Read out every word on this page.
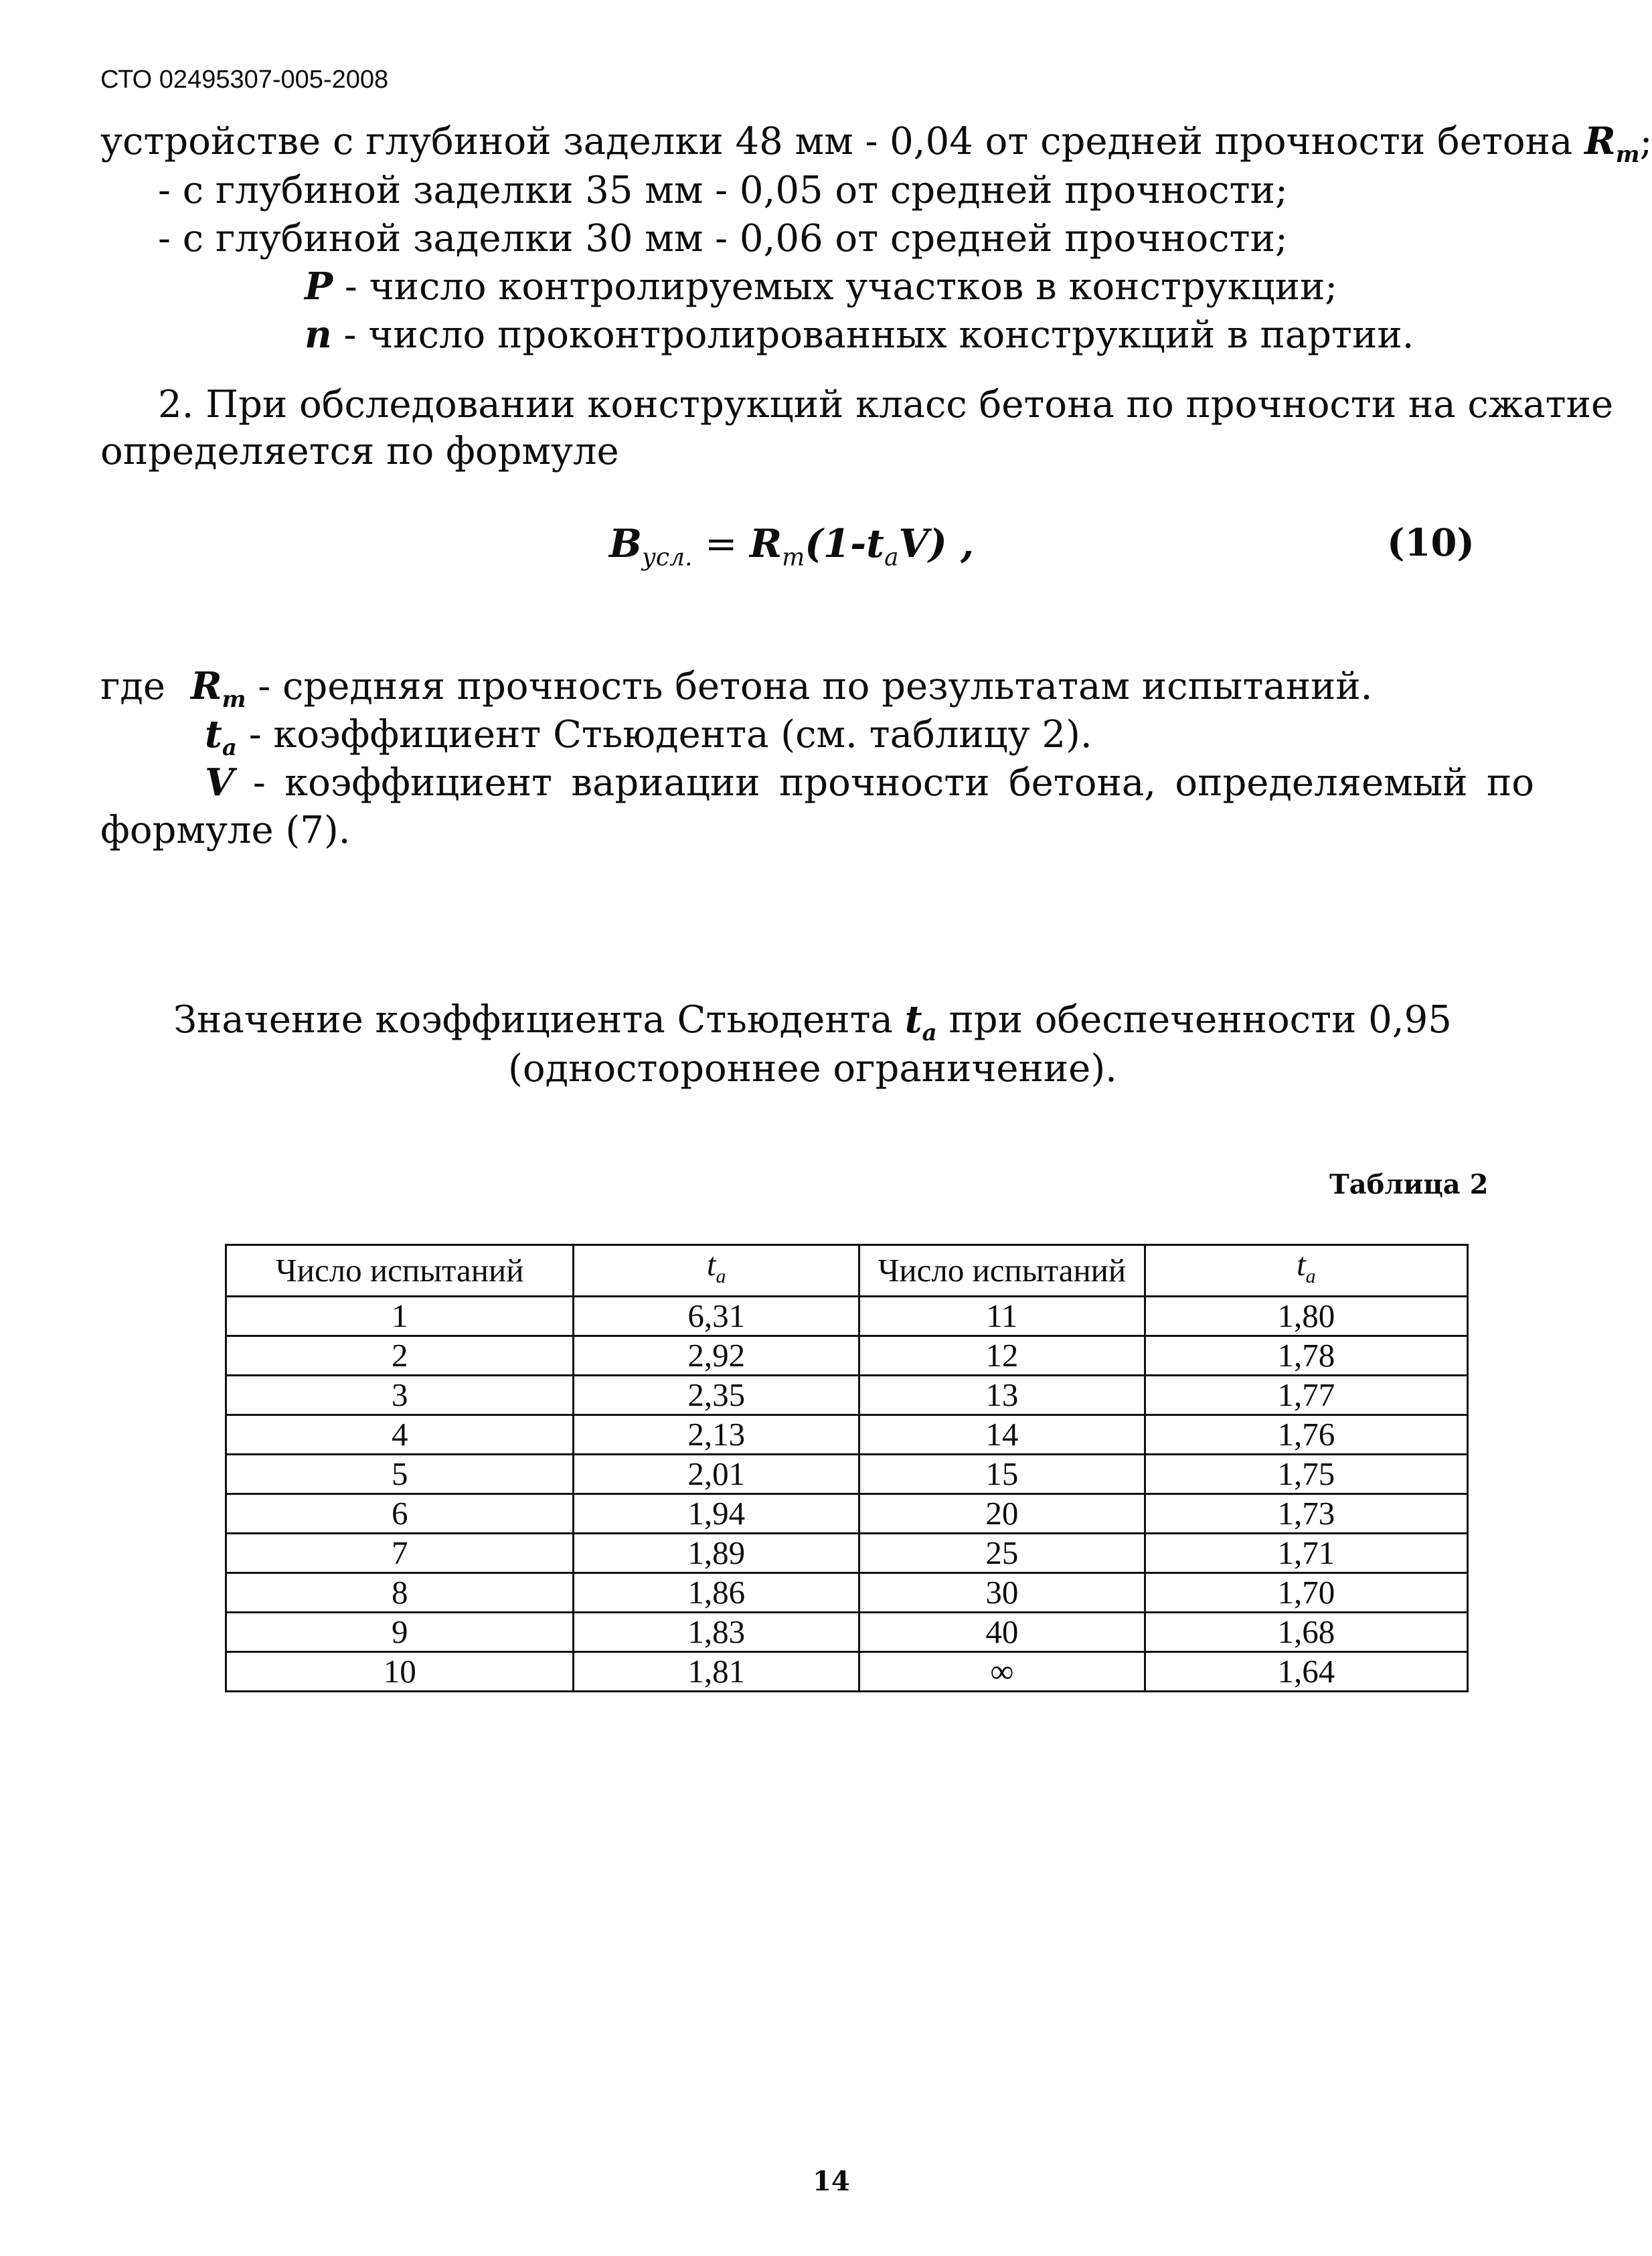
СТО 02495307-005-2008
устройстве с глубиной заделки 48 мм - 0,04 от средней прочности бетона $R_m$;
- с глубиной заделки 35 мм - 0,05 от средней прочности;
- с глубиной заделки 30 мм - 0,06 от средней прочности;
P - число контролируемых участков в конструкции;
n - число проконтролированных конструкций в партии.
2. При обследовании конструкций класс бетона по прочности на сжатие
определяется по формуле
$B_{усл.} = R_m(1-t_aV)$ ,	(10)
где $R_m$ - средняя прочность бетона по результатам испытаний.
$t_a$ - коэффициент Стьюдента (см. таблицу 2).
V - коэффициент вариации прочности бетона, определяемый по
формуле (7).
Значение коэффициента Стьюдента $t_a$ при обеспеченности 0,95
(одностороннее ограничение).
Таблица 2
Число испытаний	$t_a$	Число испытаний	$t_a$
1	6,31	11	1,80
2	2,92	12	1,78
3	2,35	13	1,77
4	2,13	14	1,76
5	2,01	15	1,75
6	1,94	20	1,73
7	1,89	25	1,71
8	1,86	30	1,70
9	1,83	40	1,68
10	1,81	∞	1,64
14
